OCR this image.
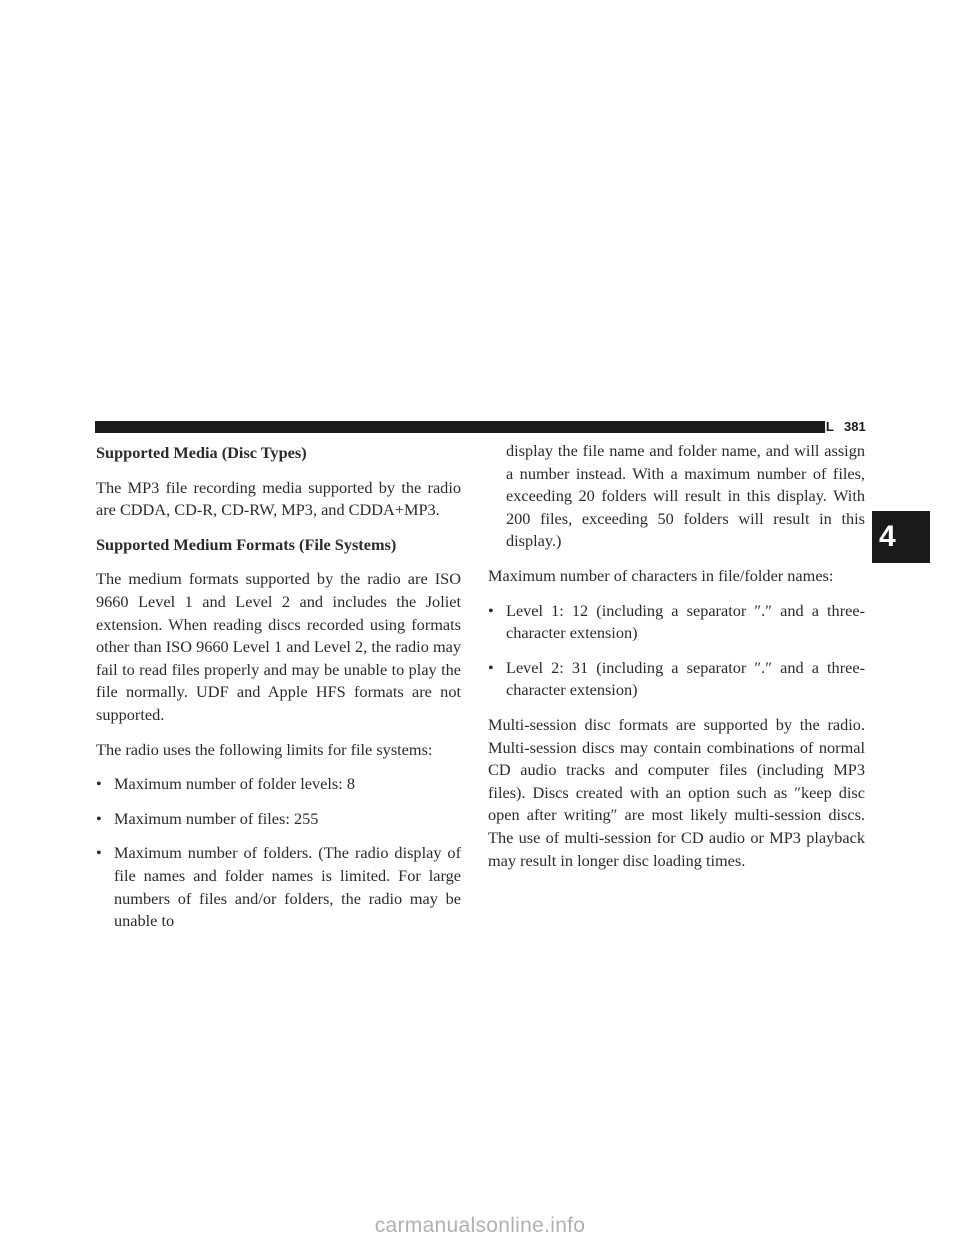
UNDERSTANDING YOUR INSTRUMENT PANEL 381
4

Supported Media (Disc Types)

The MP3 file recording media supported by the radio are CDDA, CD-R, CD-RW, MP3, and CDDA+MP3.

Supported Medium Formats (File Systems)

The medium formats supported by the radio are ISO 9660 Level 1 and Level 2 and includes the Joliet extension. When reading discs recorded using formats other than ISO 9660 Level 1 and Level 2, the radio may fail to read files properly and may be unable to play the file normally. UDF and Apple HFS formats are not supported.

The radio uses the following limits for file systems:

• Maximum number of folder levels: 8
• Maximum number of files: 255
• Maximum number of folders. (The radio display of file names and folder names is limited. For large numbers of files and/or folders, the radio may be unable to

display the file name and folder name, and will assign a number instead. With a maximum number of files, exceeding 20 folders will result in this display. With 200 files, exceeding 50 folders will result in this display.)

Maximum number of characters in file/folder names:

• Level 1: 12 (including a separator ″.″ and a three-character extension)
• Level 2: 31 (including a separator ″.″ and a three-character extension)

Multi-session disc formats are supported by the radio. Multi-session discs may contain combinations of normal CD audio tracks and computer files (including MP3 files). Discs created with an option such as ″keep disc open after writing″ are most likely multi-session discs. The use of multi-session for CD audio or MP3 playback may result in longer disc loading times.

carmanualsonline.info
